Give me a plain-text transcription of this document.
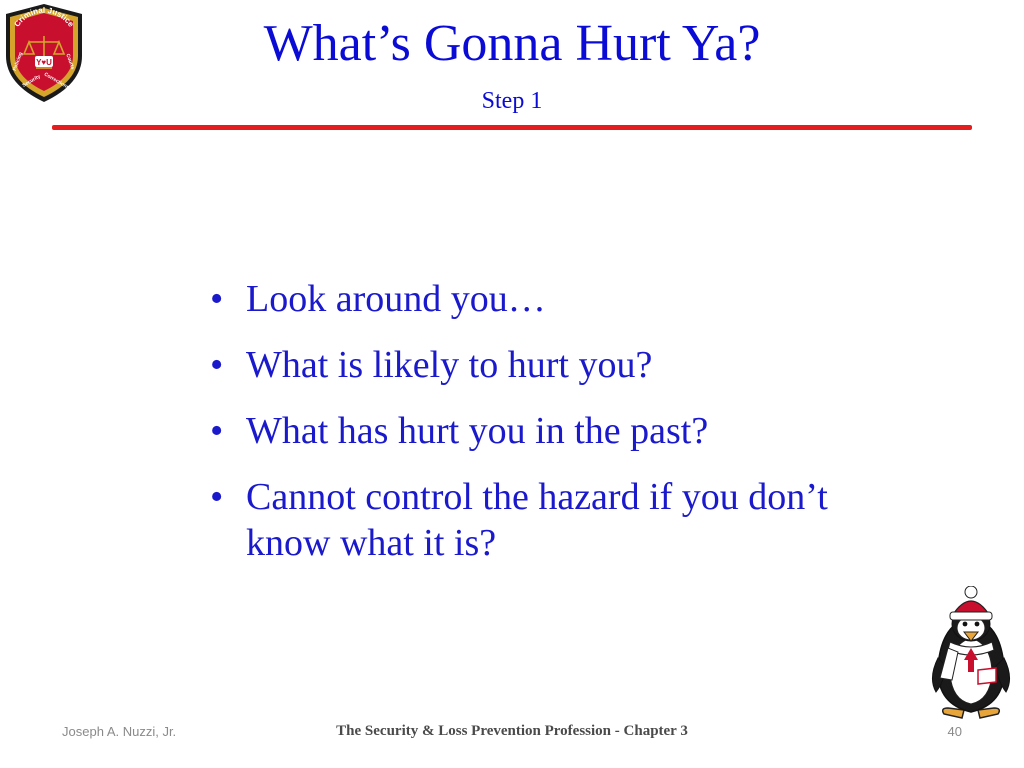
Criminal Justice
Y♥U
Policing
Security Corrections
Courts	What’s Gonna Hurt Ya?
Step 1
• Look around you…
• What is likely to hurt you?
• What has hurt you in the past?
• Cannot control the hazard if you don’t know what it is?
Joseph A. Nuzzi, Jr.	The Security & Loss Prevention Profession - Chapter 3	40
